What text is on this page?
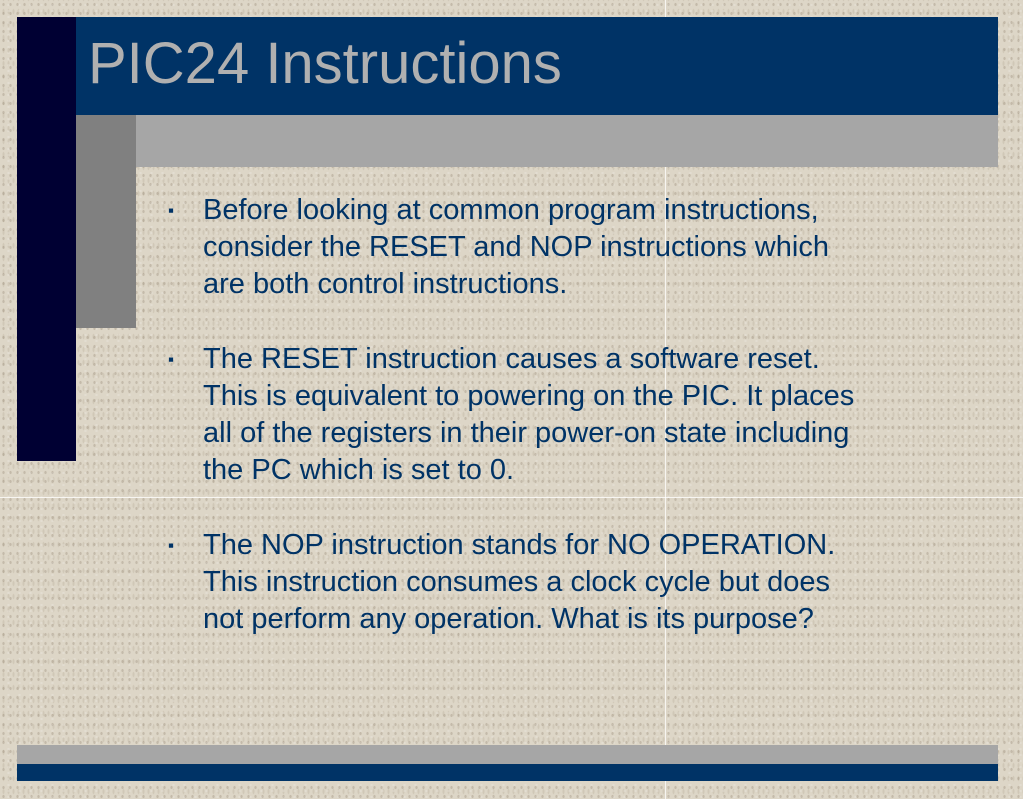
PIC24 Instructions
▪ Before looking at common program instructions,
consider the RESET and NOP instructions which
are both control instructions.
▪ The RESET instruction causes a software reset.
This is equivalent to powering on the PIC. It places
all of the registers in their power-on state including
the PC which is set to 0.
▪ The NOP instruction stands for NO OPERATION.
This instruction consumes a clock cycle but does
not perform any operation. What is its purpose?
